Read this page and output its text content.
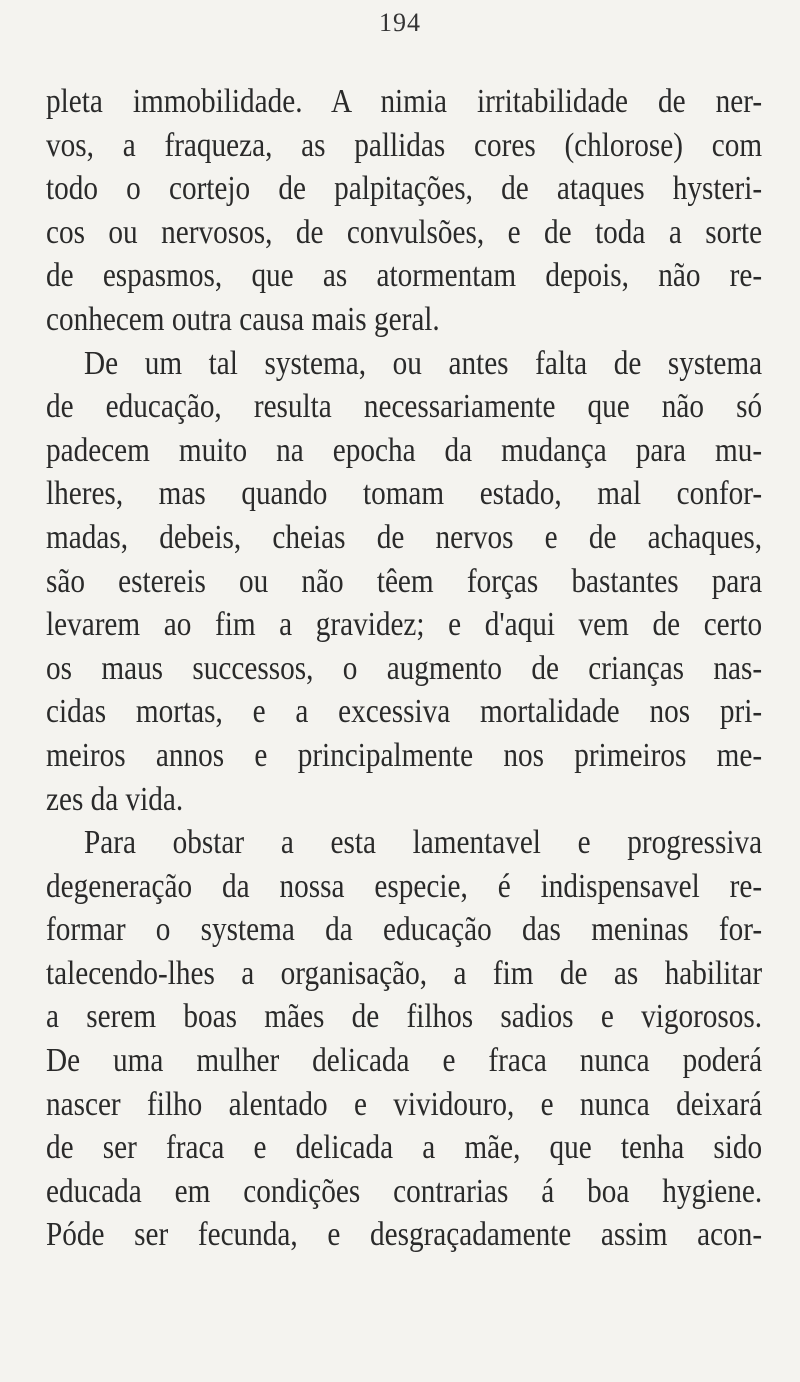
194
pleta immobilidade. A nimia irritabilidade de ner-
vos, a fraqueza, as pallidas cores (chlorose) com
todo o cortejo de palpitações, de ataques hysteri-
cos ou nervosos, de convulsões, e de toda a sorte
de espasmos, que as atormentam depois, não re-
conhecem outra causa mais geral.
De um tal systema, ou antes falta de systema
de educação, resulta necessariamente que não só
padecem muito na epocha da mudança para mu-
lheres, mas quando tomam estado, mal confor-
madas, debeis, cheias de nervos e de achaques,
são estereis ou não têem forças bastantes para
levarem ao fim a gravidez; e d'aqui vem de certo
os maus successos, o augmento de crianças nas-
cidas mortas, e a excessiva mortalidade nos pri-
meiros annos e principalmente nos primeiros me-
zes da vida.
Para obstar a esta lamentavel e progressiva
degeneração da nossa especie, é indispensavel re-
formar o systema da educação das meninas for-
talecendo-lhes a organisação, a fim de as habilitar
a serem boas mães de filhos sadios e vigorosos.
De uma mulher delicada e fraca nunca poderá
nascer filho alentado e vividouro, e nunca deixará
de ser fraca e delicada a mãe, que tenha sido
educada em condições contrarias á boa hygiene.
Póde ser fecunda, e desgraçadamente assim acon-
